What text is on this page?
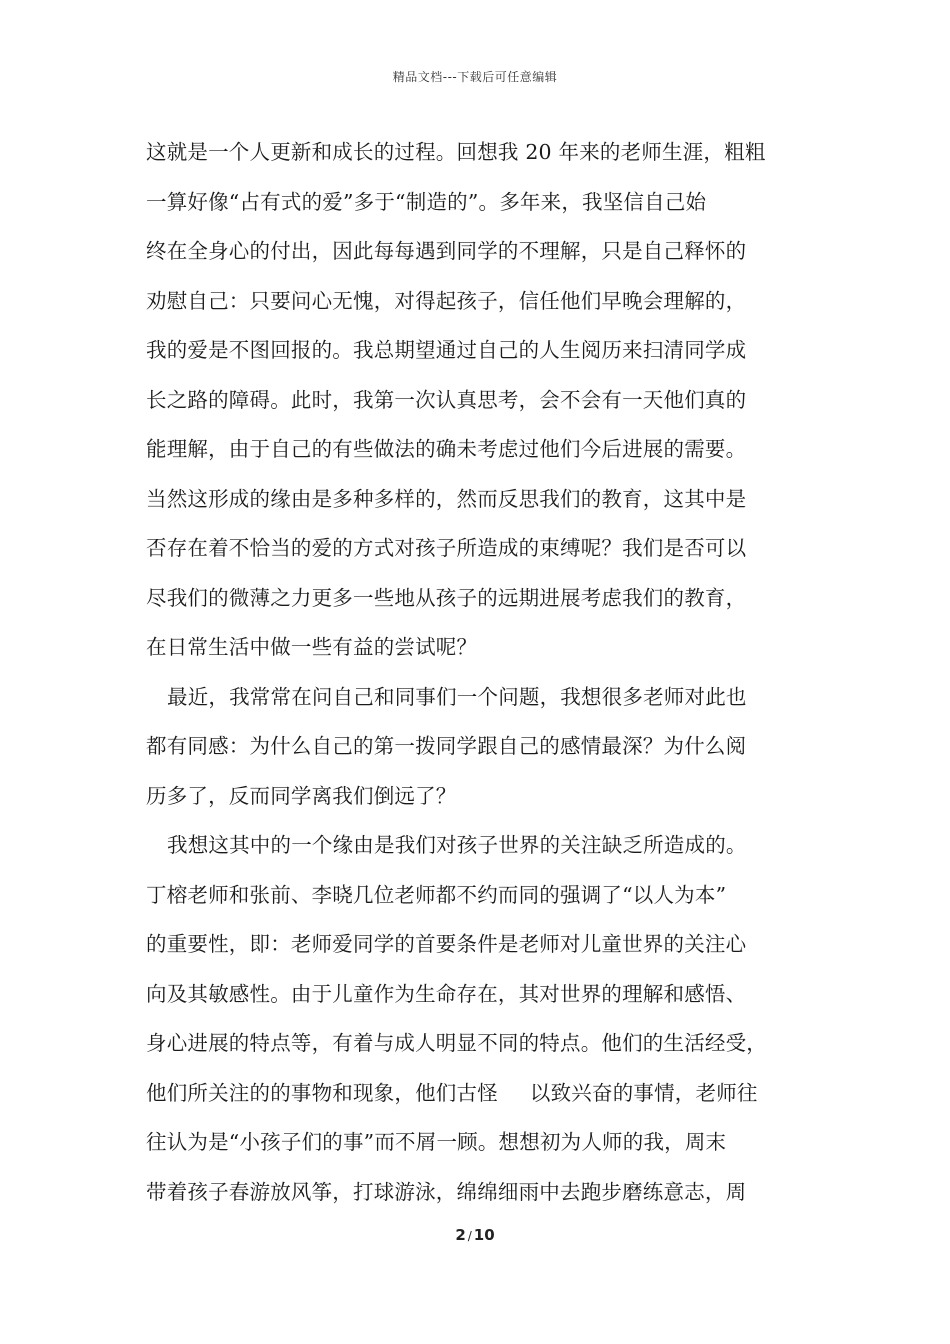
精品文档---下载后可任意编辑
这就是一个人更新和成长的过程。回想我 20 年来的老师生涯，粗粗
一算好像“占有式的爱”多于“制造的”。多年来，我坚信自己始
终在全身心的付出，因此每每遇到同学的不理解，只是自己释怀的
劝慰自己：只要问心无愧，对得起孩子，信任他们早晚会理解的，
我的爱是不图回报的。我总期望通过自己的人生阅历来扫清同学成
长之路的障碍。此时，我第一次认真思考，会不会有一天他们真的
能理解，由于自己的有些做法的确未考虑过他们今后进展的需要。
当然这形成的缘由是多种多样的，然而反思我们的教育，这其中是
否存在着不恰当的爱的方式对孩子所造成的束缚呢？我们是否可以
尽我们的微薄之力更多一些地从孩子的远期进展考虑我们的教育，
在日常生活中做一些有益的尝试呢？
最近，我常常在问自己和同事们一个问题，我想很多老师对此也
都有同感：为什么自己的第一拨同学跟自己的感情最深？为什么阅
历多了，反而同学离我们倒远了？
我想这其中的一个缘由是我们对孩子世界的关注缺乏所造成的。
丁榕老师和张前、李晓几位老师都不约而同的强调了“以人为本”
的重要性，即：老师爱同学的首要条件是老师对儿童世界的关注心
向及其敏感性。由于儿童作为生命存在，其对世界的理解和感悟、
身心进展的特点等，有着与成人明显不同的特点。他们的生活经受，
他们所关注的的事物和现象，他们古怪 以致兴奋的事情，老师往
往认为是“小孩子们的事”而不屑一顾。想想初为人师的我，周末
带着孩子春游放风筝，打球游泳，绵绵细雨中去跑步磨练意志，周
2 / 10
